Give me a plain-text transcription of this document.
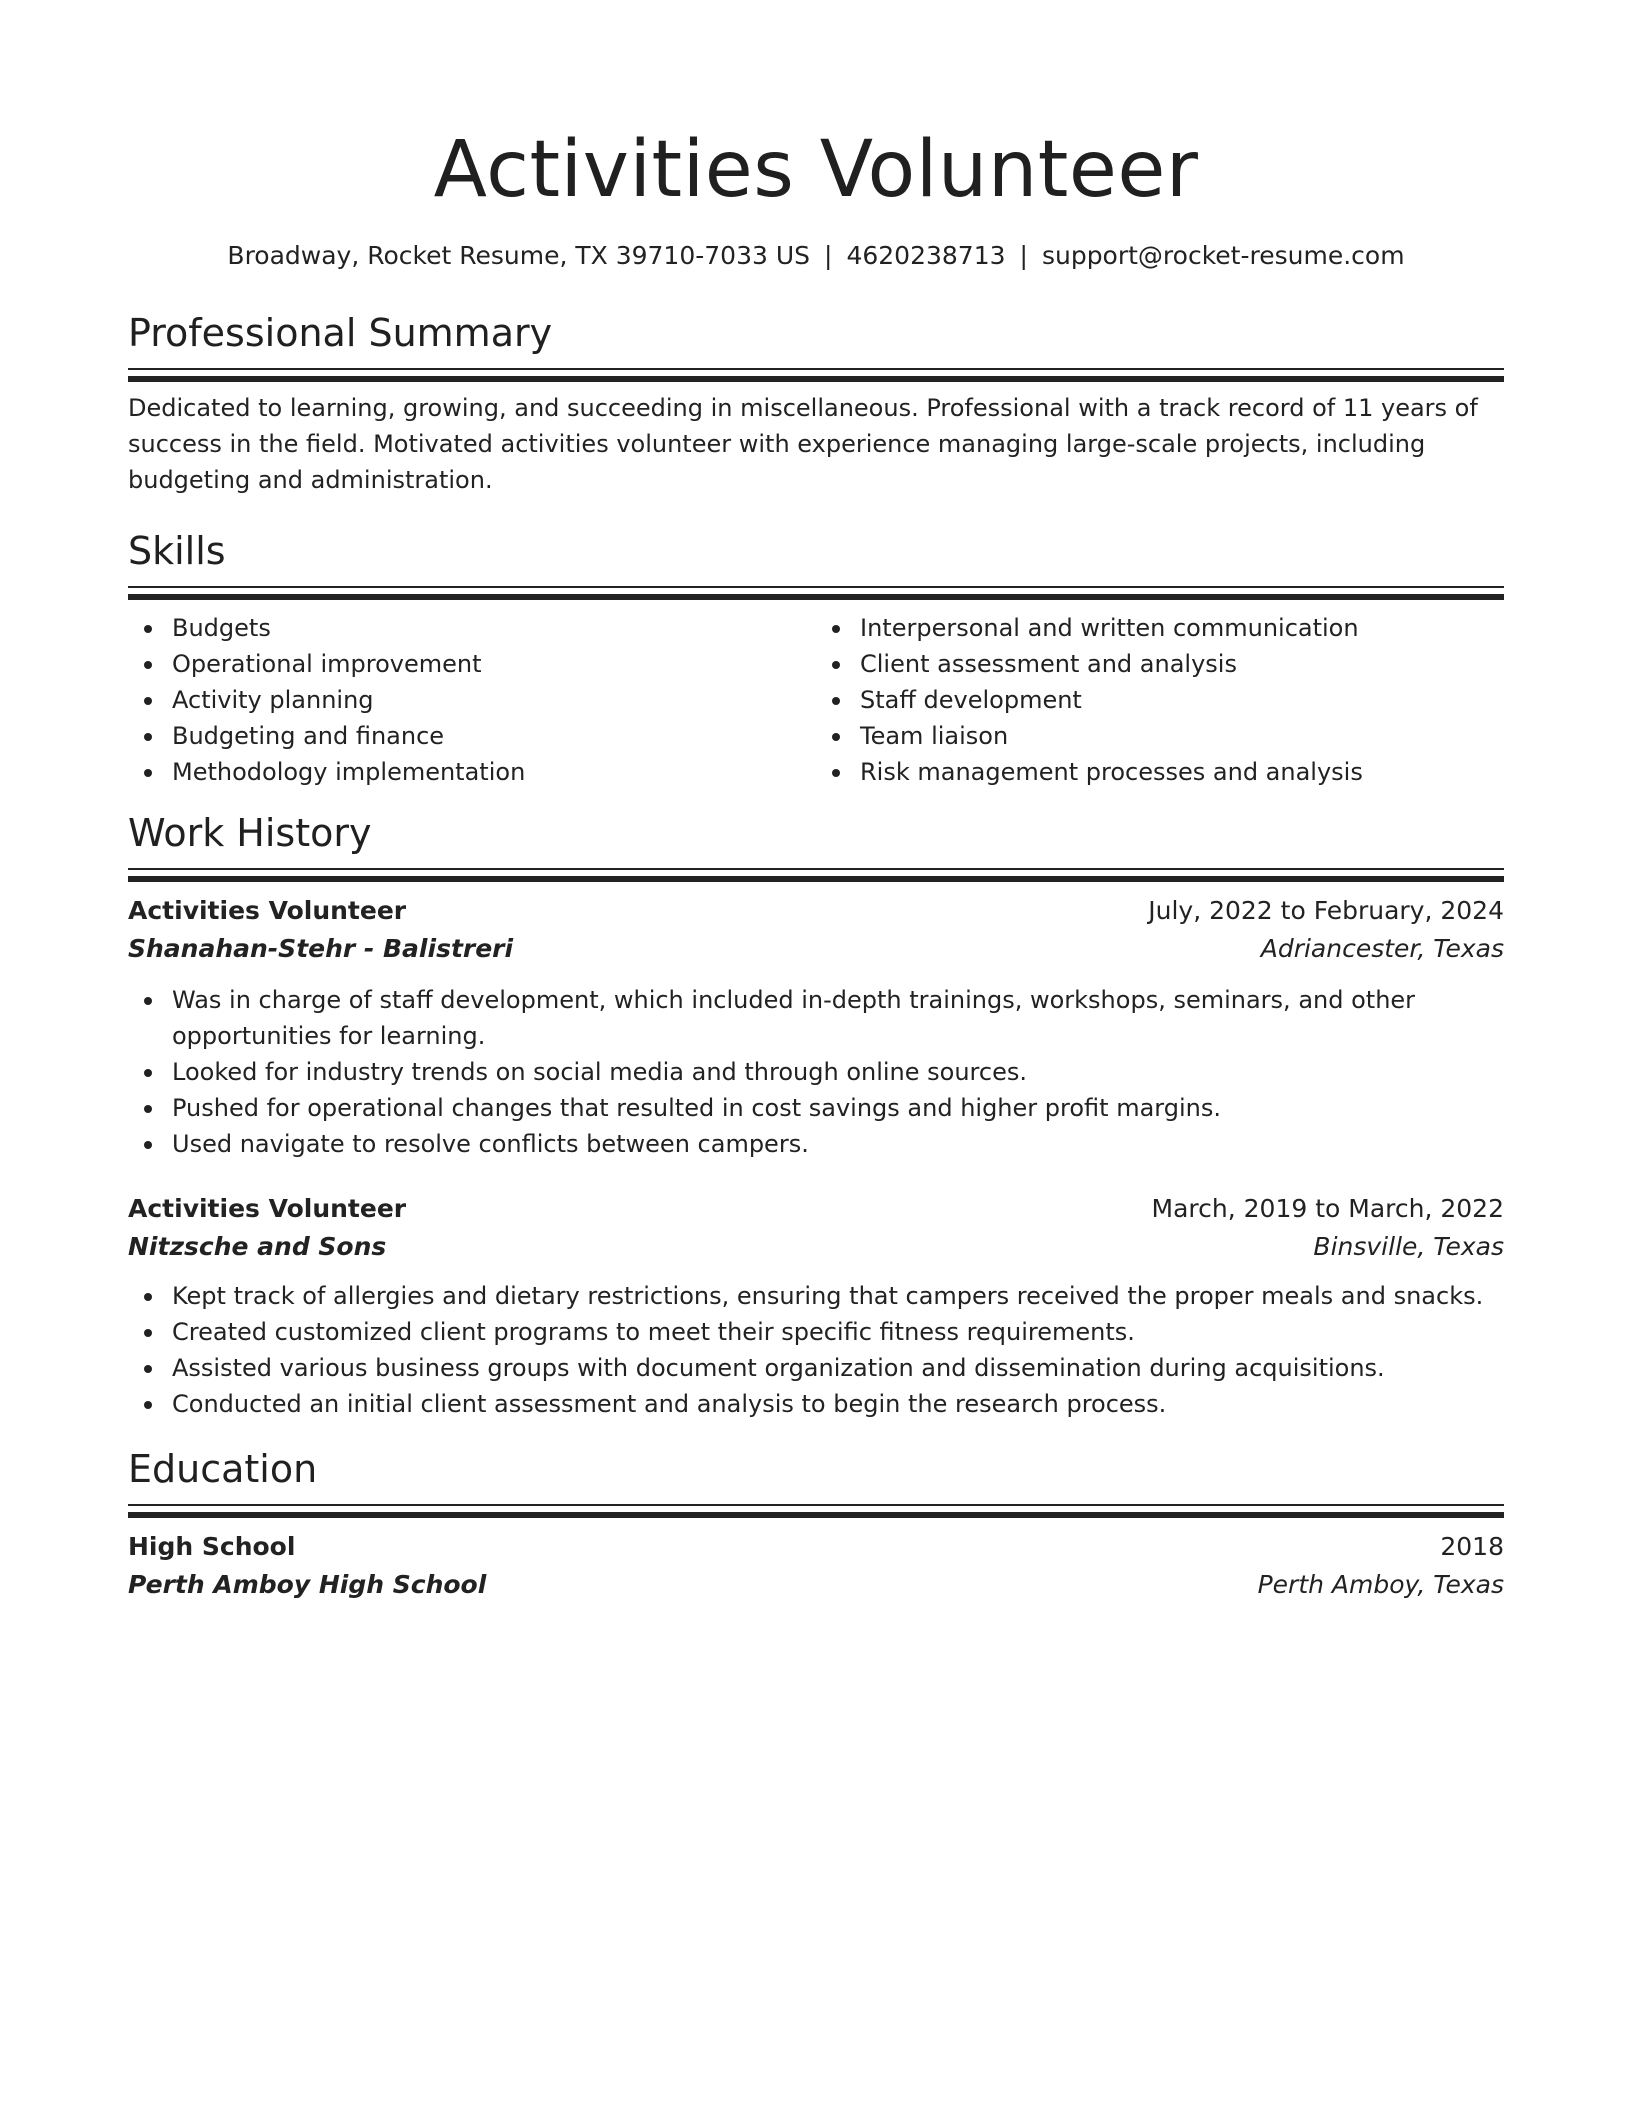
Activities Volunteer
Broadway, Rocket Resume, TX 39710-7033 US | 4620238713 | support@rocket-resume.com
Professional Summary

Dedicated to learning, growing, and succeeding in miscellaneous. Professional with a track record of 11 years of success in the field. Motivated activities volunteer with experience managing large-scale projects, including budgeting and administration.

Skills
Budgets
Operational improvement
Activity planning
Budgeting and finance
Methodology implementation
Interpersonal and written communication
Client assessment and analysis
Staff development
Team liaison
Risk management processes and analysis
Work History
Activities Volunteer	July, 2022 to February, 2024
Shanahan-Stehr - Balistreri	Adriancester, Texas
Was in charge of staff development, which included in-depth trainings, workshops, seminars, and other opportunities for learning.
Looked for industry trends on social media and through online sources.
Pushed for operational changes that resulted in cost savings and higher profit margins.
Used navigate to resolve conflicts between campers.
Activities Volunteer	March, 2019 to March, 2022
Nitzsche and Sons	Binsville, Texas
Kept track of allergies and dietary restrictions, ensuring that campers received the proper meals and snacks.
Created customized client programs to meet their specific fitness requirements.
Assisted various business groups with document organization and dissemination during acquisitions.
Conducted an initial client assessment and analysis to begin the research process.
Education
High School	2018
Perth Amboy High School	Perth Amboy, Texas
